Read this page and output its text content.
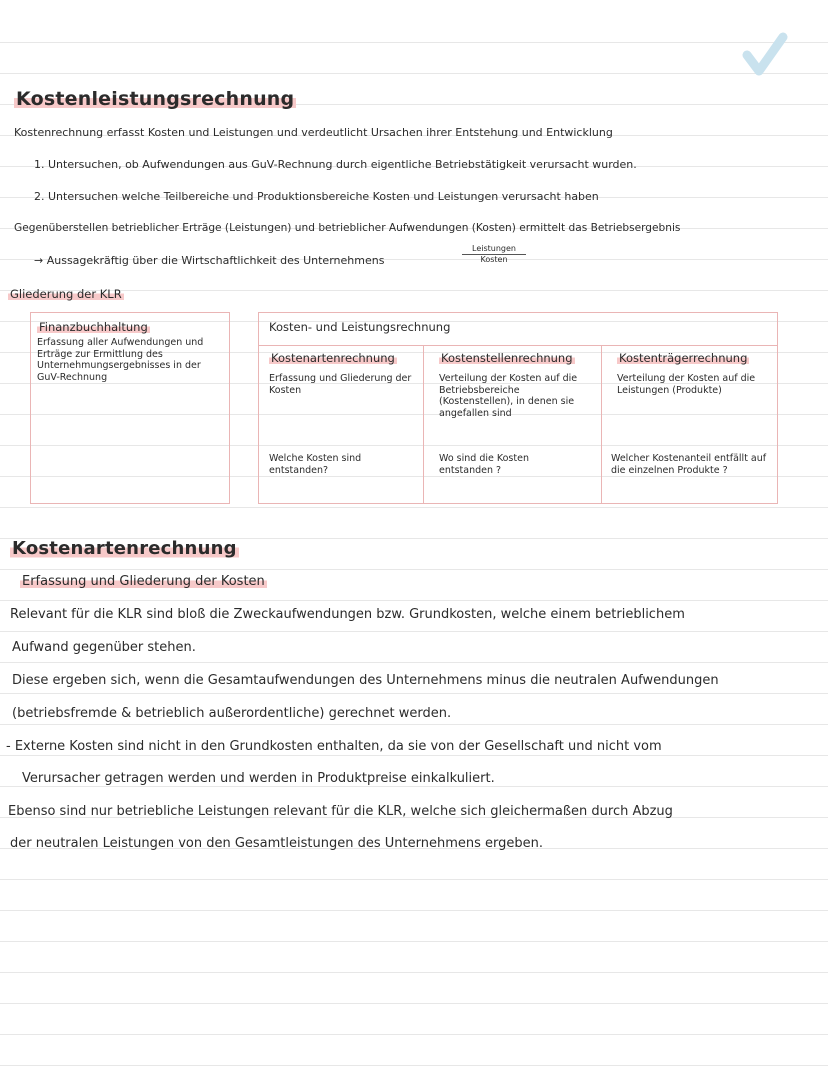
Kostenleistungsrechnung
Kostenrechnung erfasst Kosten und Leistungen und verdeutlicht Ursachen ihrer Entstehung und Entwicklung
1. Untersuchen, ob Aufwendungen aus GuV-Rechnung durch eigentliche Betriebstätigkeit verursacht wurden.
2. Untersuchen welche Teilbereiche und Produktionsbereiche Kosten und Leistungen verursacht haben
Gegenüberstellen betrieblicher Erträge (Leistungen) und betrieblicher Aufwendungen (Kosten) ermittelt das Betriebsergebnis
→ Aussagekräftig über die Wirtschaftlichkeit des Unternehmens
Leistungen
Kosten
Gliederung der KLR
Finanzbuchhaltung
Erfassung aller Aufwendungen und Erträge zur Ermittlung des Unternehmungsergebnisses in der GuV-Rechnung
Kosten- und Leistungsrechnung
Kostenartenrechnung
Erfassung und Gliederung der Kosten
Welche Kosten sind entstanden?
Kostenstellenrechnung
Verteilung der Kosten auf die Betriebsbereiche (Kostenstellen), in denen sie angefallen sind
Wo sind die Kosten entstanden ?
Kostenträgerrechnung
Verteilung der Kosten auf die Leistungen (Produkte)
Welcher Kostenanteil entfällt auf die einzelnen Produkte ?
Kostenartenrechnung
Erfassung und Gliederung der Kosten
Relevant für die KLR sind bloß die Zweckaufwendungen bzw. Grundkosten, welche einem betrieblichem
Aufwand gegenüber stehen.
Diese ergeben sich, wenn die Gesamtaufwendungen des Unternehmens minus die neutralen Aufwendungen
(betriebsfremde & betrieblich außerordentliche) gerechnet werden.
- Externe Kosten sind nicht in den Grundkosten enthalten, da sie von der Gesellschaft und nicht vom
Verursacher getragen werden und werden in Produktpreise einkalkuliert.
Ebenso sind nur betriebliche Leistungen relevant für die KLR, welche sich gleichermaßen durch Abzug
der neutralen Leistungen von den Gesamtleistungen des Unternehmens ergeben.
